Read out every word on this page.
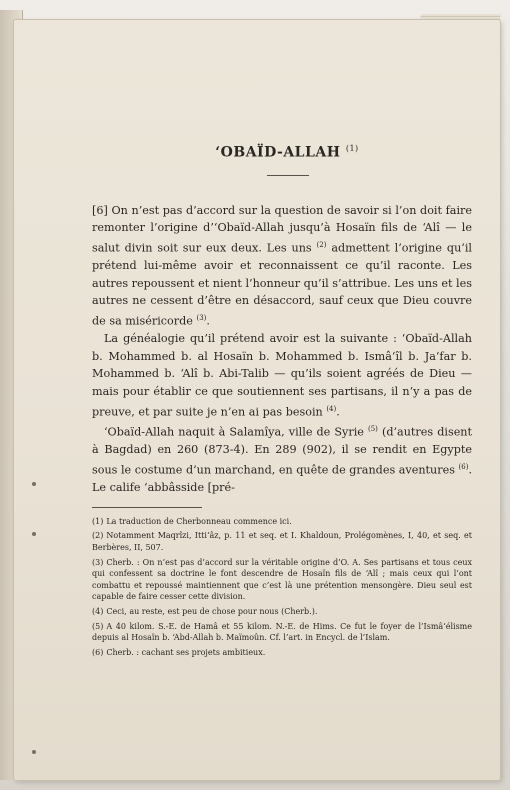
‘OBAÏD-ALLAH $^{(1)}$

[6] On n’est pas d’accord sur la question de savoir si l’on doit faire remonter l’origine d’‘Obaïd-Allah jusqu’à Hosaïn fils de ‘Alî — le salut divin soit sur eux deux. Les uns $^{(2)}$ admettent l’origine qu’il prétend lui-même avoir et reconnaissent ce qu’il raconte. Les autres repoussent et nient l’honneur qu’il s’attribue. Les uns et les autres ne cessent d’être en désaccord, sauf ceux que Dieu couvre de sa miséricorde $^{(3)}$.

La généalogie qu’il prétend avoir est la suivante : ‘Obaïd-Allah b. Mohammed b. al Hosaïn b. Mohammed b. Ismâ‘îl b. Ja‘far b. Mohammed b. ‘Alî b. Abi-Talib — qu’ils soient agréés de Dieu — mais pour établir ce que soutiennent ses partisans, il n’y a pas de preuve, et par suite je n’en ai pas besoin $^{(4)}$.

‘Obaïd-Allah naquit à Salamîya, ville de Syrie $^{(5)}$ (d’autres disent à Bagdad) en 260 (873-4). En 289 (902), il se rendit en Egypte sous le costume d’un marchand, en quête de grandes aventures $^{(6)}$. Le calife ‘abbâsside [pré-

(1) La traduction de Cherbonneau commence ici.
(2) Notamment Maqrîzi, Itti‘âz, p. 11 et seq. et I. Khaldoun, Prolégomènes, I, 40, et seq. et Berbères, II, 507.
(3) Cherb. : On n’est pas d’accord sur la véritable origine d’O. A. Ses partisans et tous ceux qui confessent sa doctrine le font descendre de Hosaïn fils de ‘Alî ; mais ceux qui l’ont combattu et repoussé maintiennent que c’est là une prétention mensongère. Dieu seul est capable de faire cesser cette division.
(4) Ceci, au reste, est peu de chose pour nous (Cherb.).
(5) A 40 kilom. S.-E. de Hamâ et 55 kilom. N.-E. de Hims. Ce fut le foyer de l’Ismâ‘élisme depuis al Hosaïn b. ‘Abd-Allah b. Maïmoûn. Cf. l’art. in Encycl. de l’Islam.
(6) Cherb. : cachant ses projets ambitieux.
